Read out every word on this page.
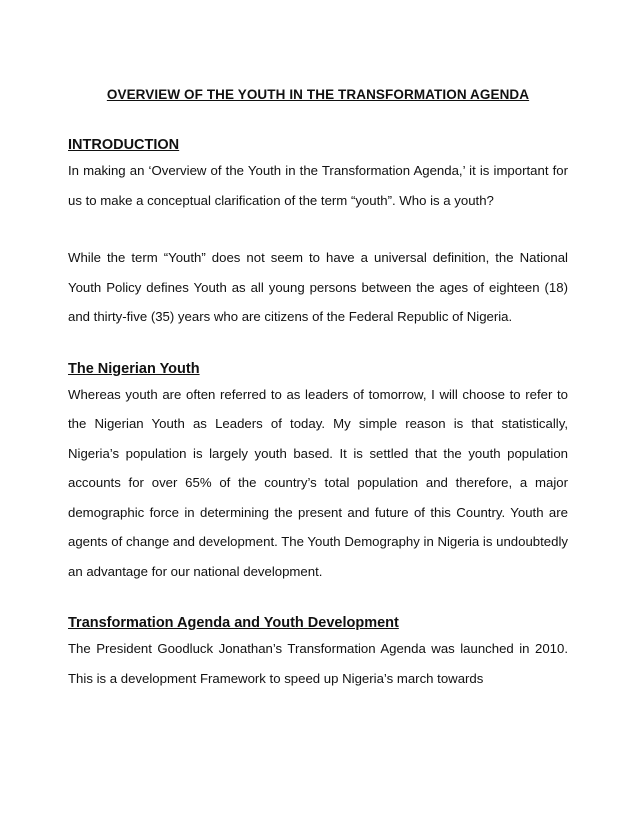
OVERVIEW OF THE YOUTH IN THE TRANSFORMATION AGENDA
INTRODUCTION

In making an ‘Overview of the Youth in the Transformation Agenda,’ it is important for us to make a conceptual clarification of the term “youth”. Who is a youth?

While the term “Youth” does not seem to have a universal definition, the National Youth Policy defines Youth as all young persons between the ages of eighteen (18) and thirty-five (35) years who are citizens of the Federal Republic of Nigeria.

The Nigerian Youth

Whereas youth are often referred to as leaders of tomorrow, I will choose to refer to the Nigerian Youth as Leaders of today. My simple reason is that statistically, Nigeria’s population is largely youth based. It is settled that the youth population accounts for over 65% of the country’s total population and therefore, a major demographic force in determining the present and future of this Country. Youth are agents of change and development. The Youth Demography in Nigeria is undoubtedly an advantage for our national development.

Transformation Agenda and Youth Development

The President Goodluck Jonathan’s Transformation Agenda was launched in 2010. This is a development Framework to speed up Nigeria’s march towards
